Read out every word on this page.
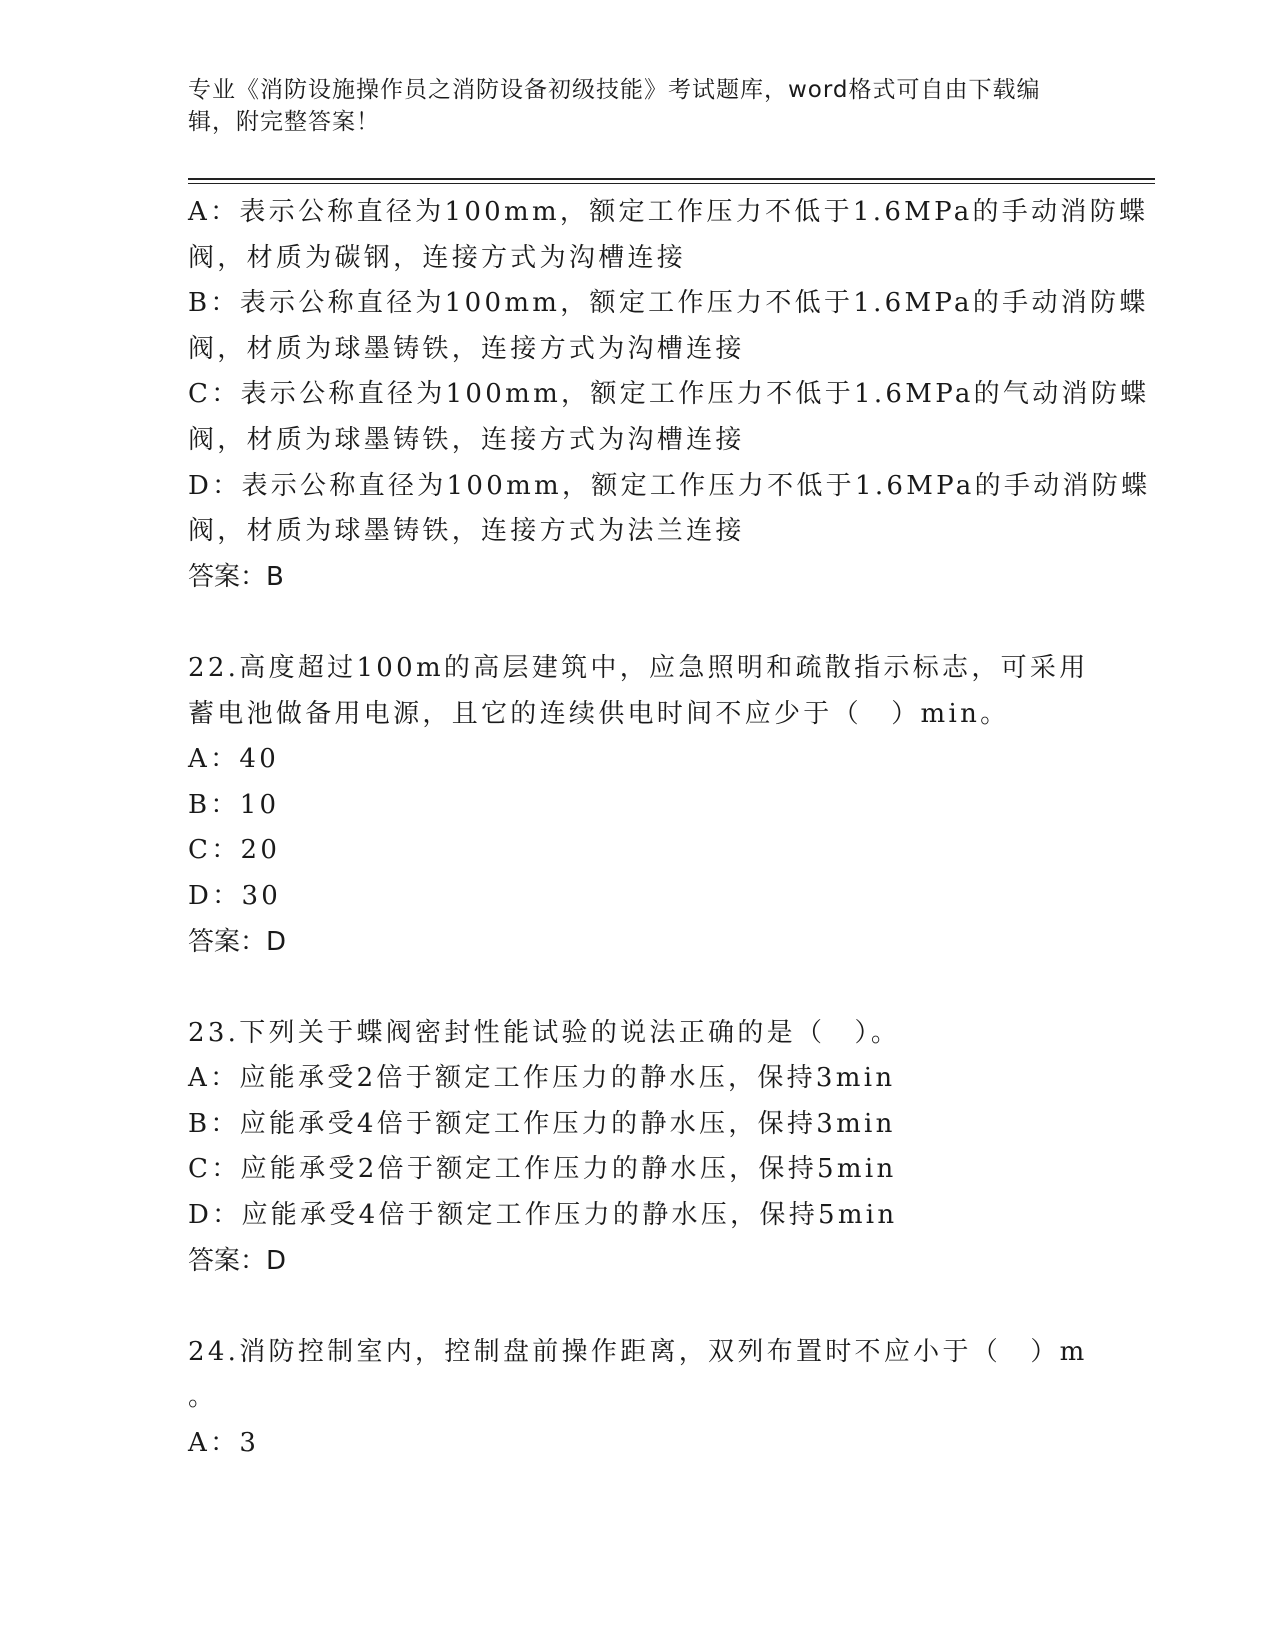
专业《消防设施操作员之消防设备初级技能》考试题库，word格式可自由下载编
辑，附完整答案！
A：表示公称直径为100mm，额定工作压力不低于1.6MPa的手动消防蝶
阀，材质为碳钢，连接方式为沟槽连接
B：表示公称直径为100mm，额定工作压力不低于1.6MPa的手动消防蝶
阀，材质为球墨铸铁，连接方式为沟槽连接
C：表示公称直径为100mm，额定工作压力不低于1.6MPa的气动消防蝶
阀，材质为球墨铸铁，连接方式为沟槽连接
D：表示公称直径为100mm，额定工作压力不低于1.6MPa的手动消防蝶
阀，材质为球墨铸铁，连接方式为法兰连接
答案：B
22.高度超过100m的高层建筑中，应急照明和疏散指示标志，可采用
蓄电池做备用电源，且它的连续供电时间不应少于（　）min。
A：40
B：10
C：20
D：30
答案：D
23.下列关于蝶阀密封性能试验的说法正确的是（　）。
A：应能承受2倍于额定工作压力的静水压，保持3min
B：应能承受4倍于额定工作压力的静水压，保持3min
C：应能承受2倍于额定工作压力的静水压，保持5min
D：应能承受4倍于额定工作压力的静水压，保持5min
答案：D
24.消防控制室内，控制盘前操作距离，双列布置时不应小于（　）m
。
A：3
